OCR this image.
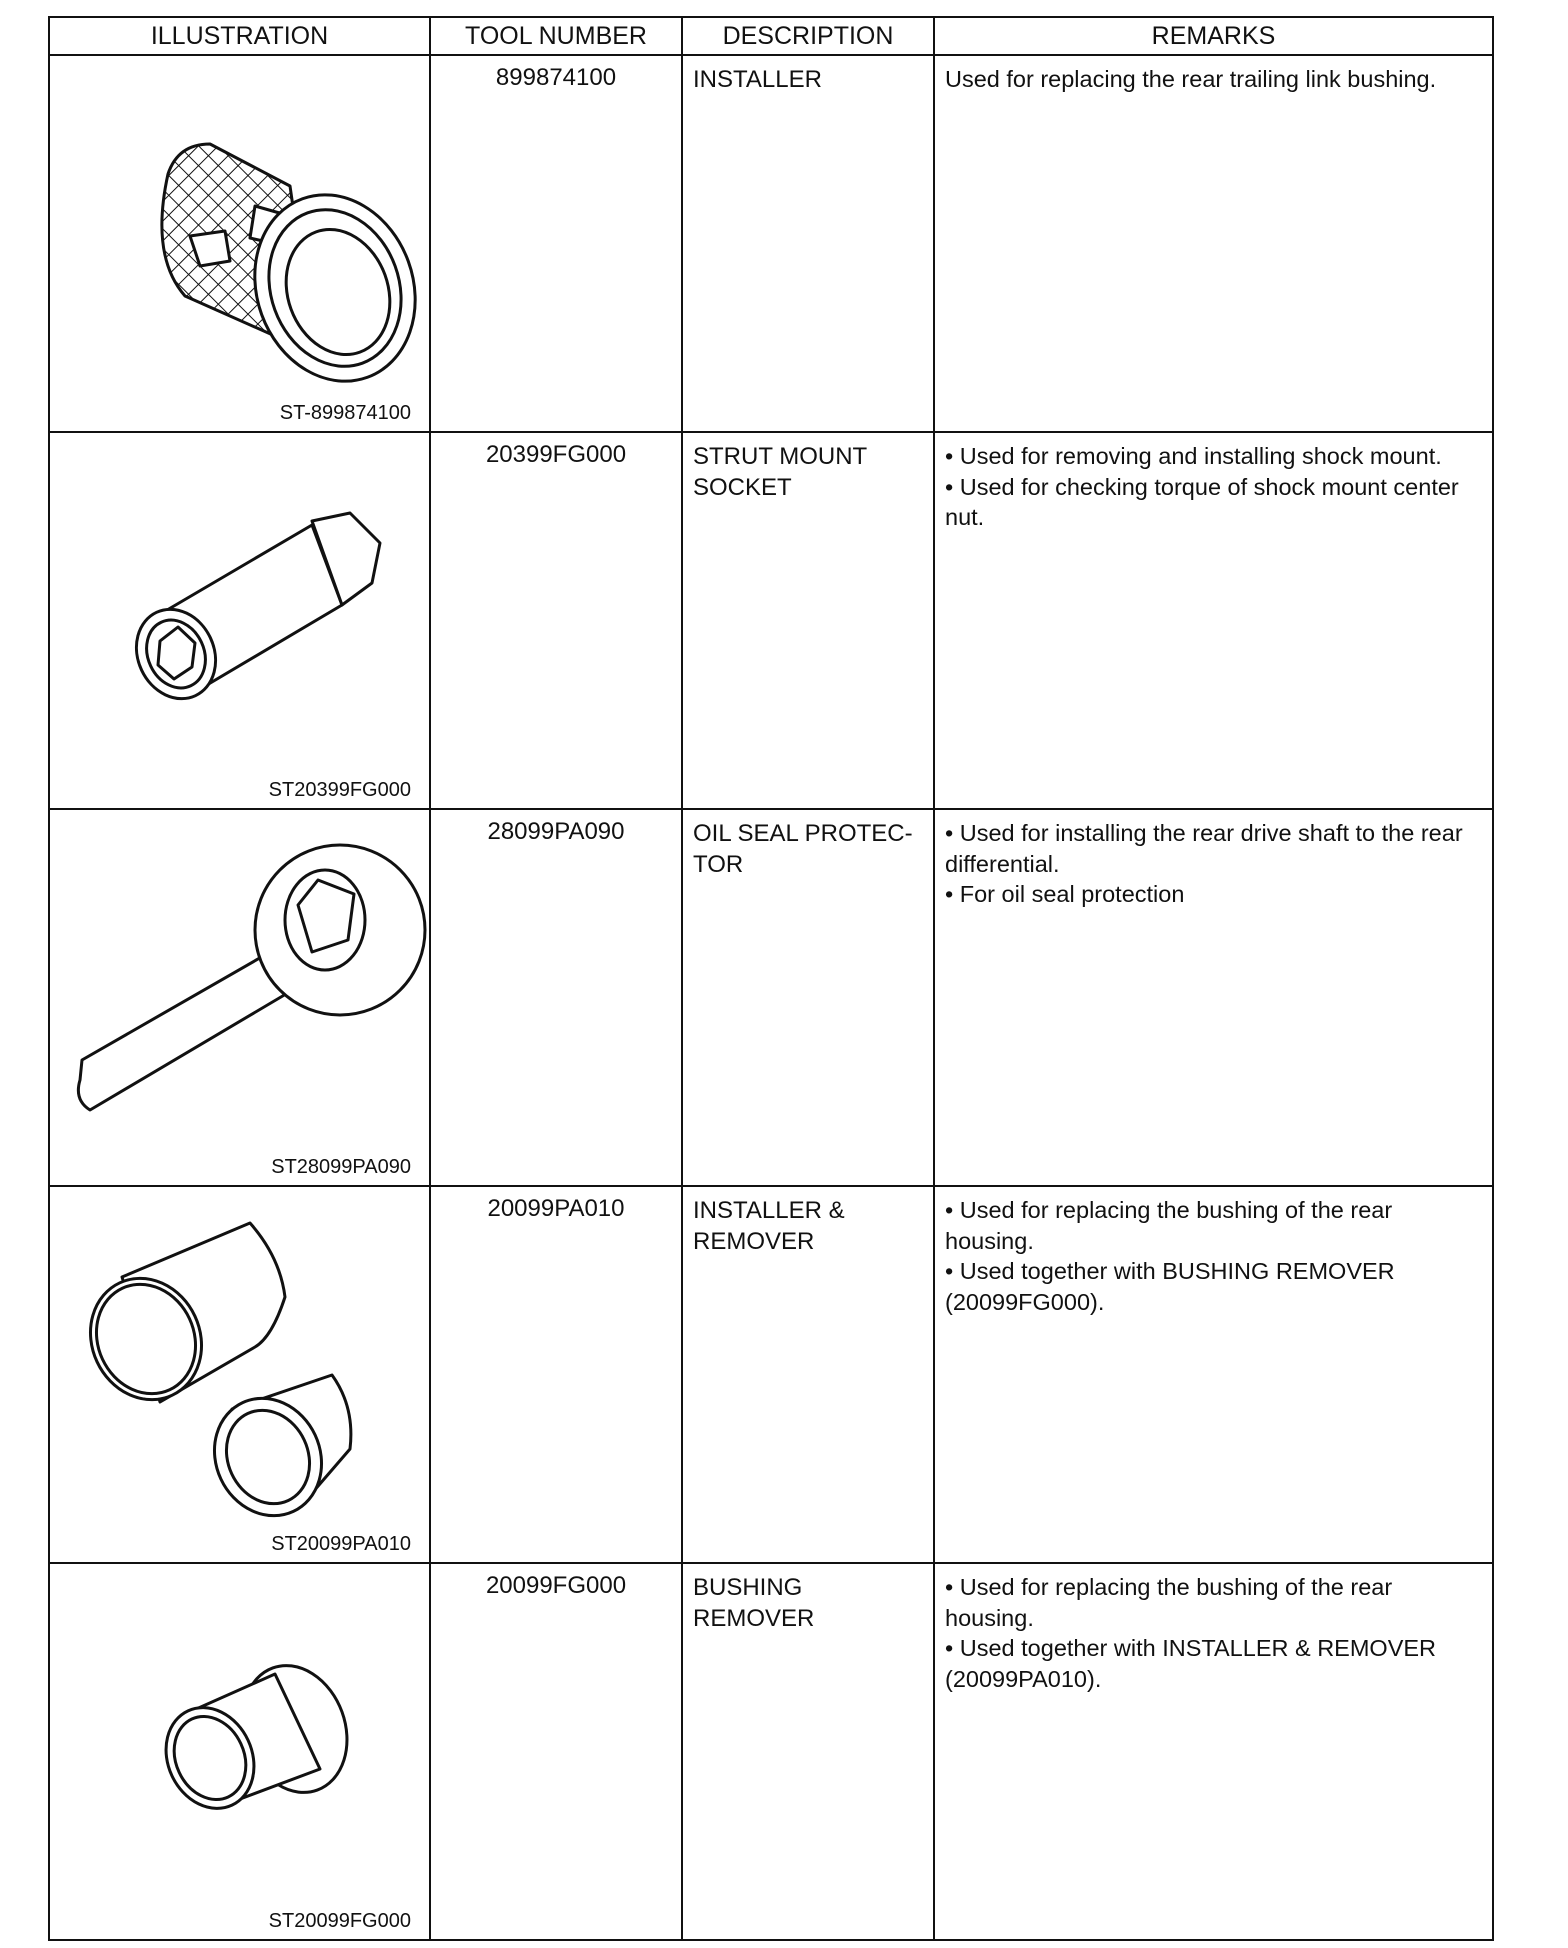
ILLUSTRATION	TOOL NUMBER	DESCRIPTION	REMARKS

ST-899874100	899874100	INSTALLER	Used for replacing the rear trailing link bushing.

ST20399FG000	20399FG000	STRUT MOUNT SOCKET	• Used for removing and installing shock mount.

• Used for checking torque of shock mount center nut.

ST28099PA090	28099PA090	OIL SEAL PROTEC-TOR	• Used for installing the rear drive shaft to the rear differential.

• For oil seal protection

ST20099PA010	20099PA010	INSTALLER & REMOVER	• Used for replacing the bushing of the rear housing.

• Used together with BUSHING REMOVER (20099FG000).

ST20099FG000	20099FG000	BUSHING REMOVER	• Used for replacing the bushing of the rear housing.

• Used together with INSTALLER & REMOVER (20099PA010).
